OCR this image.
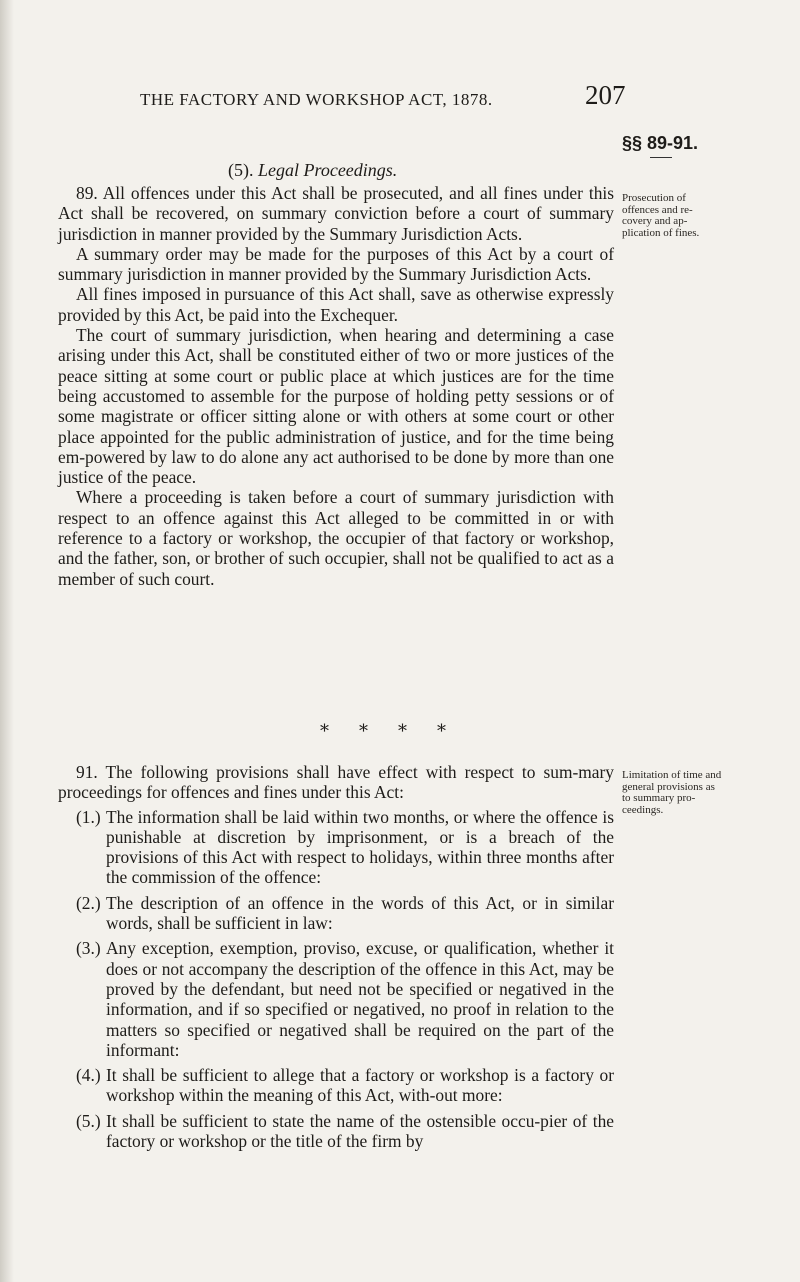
THE FACTORY AND WORKSHOP ACT, 1878.	207
§§ 89-91.
(5). Legal Proceedings.
Prosecution of offences and re-covery and ap-plication of fines.
Limitation of time and general provisions as to summary pro-ceedings.

89. All offences under this Act shall be prosecuted, and all fines under this Act shall be recovered, on summary conviction before a court of summary jurisdiction in manner provided by the Summary Jurisdiction Acts.

A summary order may be made for the purposes of this Act by a court of summary jurisdiction in manner provided by the Summary Jurisdiction Acts.

All fines imposed in pursuance of this Act shall, save as otherwise expressly provided by this Act, be paid into the Exchequer.

The court of summary jurisdiction, when hearing and determining a case arising under this Act, shall be constituted either of two or more justices of the peace sitting at some court or public place at which justices are for the time being accustomed to assemble for the purpose of holding petty sessions or of some magistrate or officer sitting alone or with others at some court or other place appointed for the public administration of justice, and for the time being em-powered by law to do alone any act authorised to be done by more than one justice of the peace.

Where a proceeding is taken before a court of summary jurisdiction with respect to an offence against this Act alleged to be committed in or with reference to a factory or workshop, the occupier of that factory or workshop, and the father, son, or brother of such occupier, shall not be qualified to act as a member of such court.

****

91. The following provisions shall have effect with respect to sum-mary proceedings for offences and fines under this Act:

(1.) The information shall be laid within two months, or where the offence is punishable at discretion by imprisonment, or is a breach of the provisions of this Act with respect to holidays, within three months after the commission of the offence:
(2.) The description of an offence in the words of this Act, or in similar words, shall be sufficient in law:
(3.) Any exception, exemption, proviso, excuse, or qualification, whether it does or not accompany the description of the offence in this Act, may be proved by the defendant, but need not be specified or negatived in the information, and if so specified or negatived, no proof in relation to the matters so specified or negatived shall be required on the part of the informant:
(4.) It shall be sufficient to allege that a factory or workshop is a factory or workshop within the meaning of this Act, with-out more:
(5.) It shall be sufficient to state the name of the ostensible occu-pier of the factory or workshop or the title of the firm by
